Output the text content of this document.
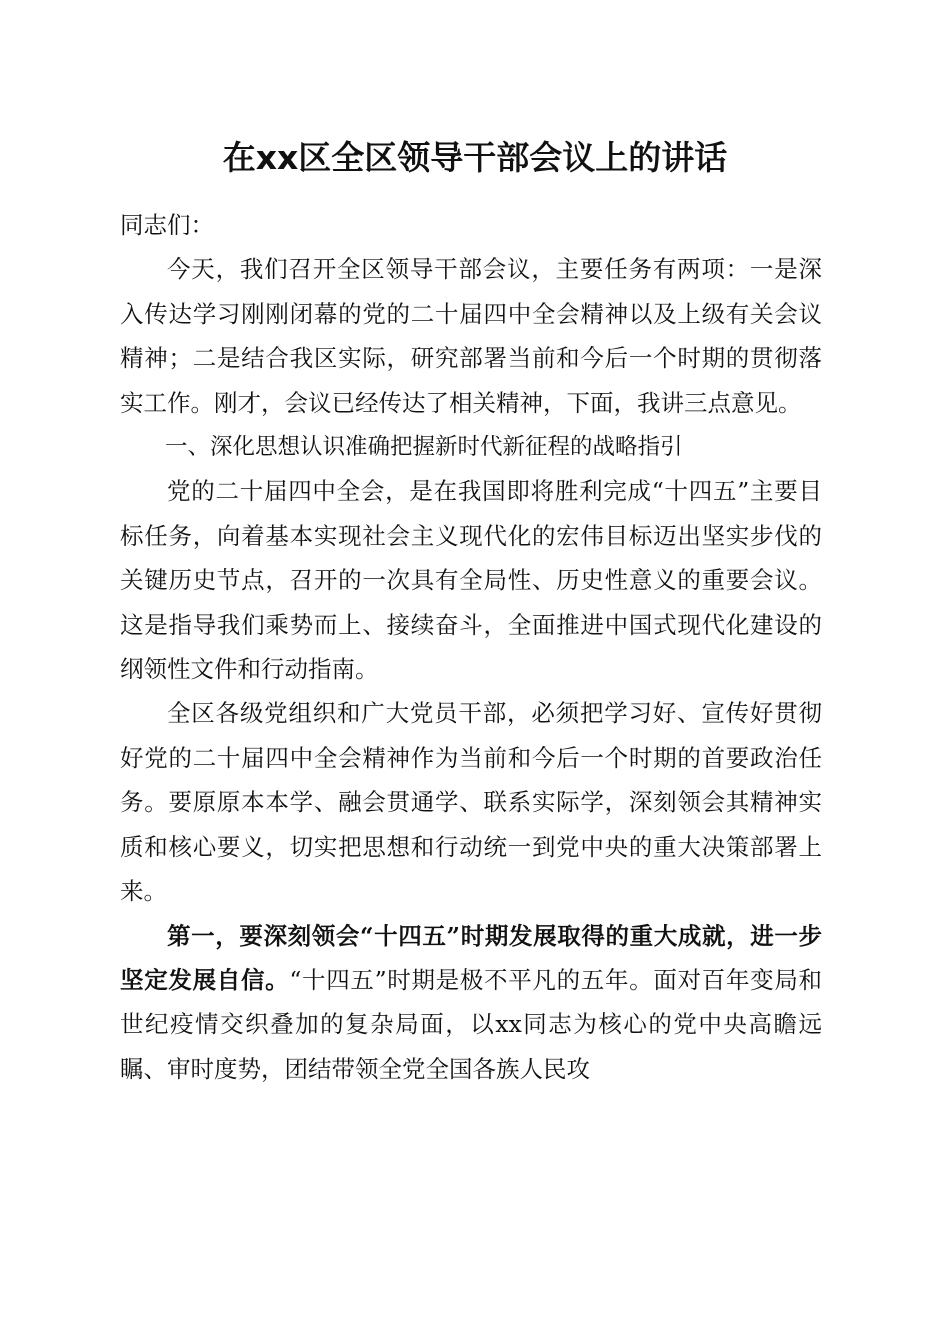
在xx区全区领导干部会议上的讲话

同志们：

今天，我们召开全区领导干部会议，主要任务有两项：一是深入传达学习刚刚闭幕的党的二十届四中全会精神以及上级有关会议精神；二是结合我区实际，研究部署当前和今后一个时期的贯彻落实工作。刚才，会议已经传达了相关精神，下面，我讲三点意见。

一、深化思想认识准确把握新时代新征程的战略指引

党的二十届四中全会，是在我国即将胜利完成“十四五”主要目标任务，向着基本实现社会主义现代化的宏伟目标迈出坚实步伐的关键历史节点，召开的一次具有全局性、历史性意义的重要会议。这是指导我们乘势而上、接续奋斗，全面推进中国式现代化建设的纲领性文件和行动指南。

全区各级党组织和广大党员干部，必须把学习好、宣传好贯彻好党的二十届四中全会精神作为当前和今后一个时期的首要政治任务。要原原本本学、融会贯通学、联系实际学，深刻领会其精神实质和核心要义，切实把思想和行动统一到党中央的重大决策部署上来。

第一，要深刻领会“十四五”时期发展取得的重大成就，进一步坚定发展自信。“十四五”时期是极不平凡的五年。面对百年变局和世纪疫情交织叠加的复杂局面，以xx同志为核心的党中央高瞻远瞩、审时度势，团结带领全党全国各族人民攻
